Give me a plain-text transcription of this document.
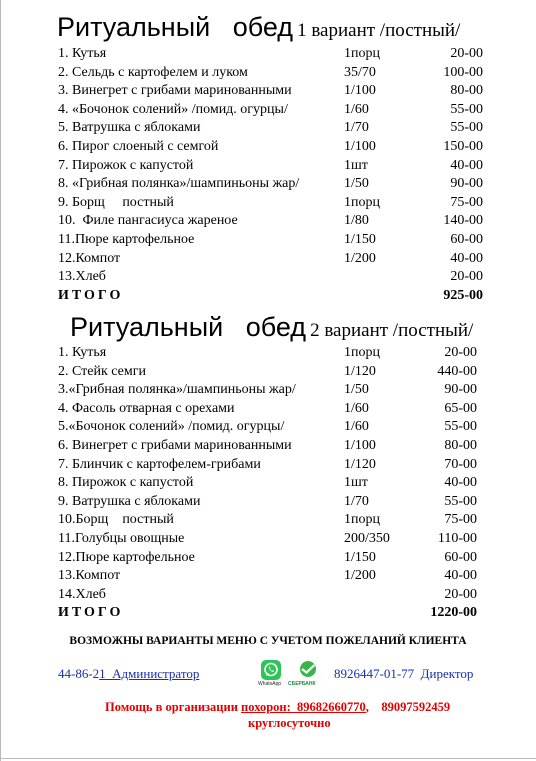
Ритуальный   обед 1 вариант /постный/
1. Кутья	1порц	20-00
2. Сельдь с картофелем и луком	35/70	100-00
3. Винегрет с грибами маринованными	1/100	80-00
4. «Бочонок солений» /помид. огурцы/	1/60	55-00
5. Ватрушка с яблоками	1/70	55-00
6. Пирог слоеный с семгой	1/100	150-00
7. Пирожок с капустой	1шт	40-00
8. «Грибная полянка»/шампиньоны жар/	1/50	90-00
9. Борщ     постный	1порц	75-00
10.  Филе пангасиуса жареное	1/80	140-00
11.Пюре картофельное	1/150	60-00
12.Компот	1/200	40-00
13.Хлеб	20-00
ИТОГО	925-00
Ритуальный   обед 2 вариант /постный/
1. Кутья	1порц	20-00
2. Стейк семги	1/120	440-00
3.«Грибная полянка»/шампиньоны жар/	1/50	90-00
4. Фасоль отварная с орехами	1/60	65-00
5.«Бочонок солений» /помид. огурцы/	1/60	55-00
6. Винегрет с грибами маринованными	1/100	80-00
7. Блинчик с картофелем-грибами	1/120	70-00
8. Пирожок с капустой	1шт	40-00
9. Ватрушка с яблоками	1/70	55-00
10.Борщ    постный	1порц	75-00
11.Голубцы овощные	200/350	110-00
12.Пюре картофельное	1/150	60-00
13.Компот	1/200	40-00
14.Хлеб	20-00
ИТОГО	1220-00
ВОЗМОЖНЫ ВАРИАНТЫ МЕНЮ С УЧЕТОМ ПОЖЕЛАНИЙ КЛИЕНТА
44-86-21  Администратор
WhatsApp СБЕРБАНК
8926447-01-77  Директор
Помощь в организации похорон:  89682660770,    89097592459
круглосуточно
